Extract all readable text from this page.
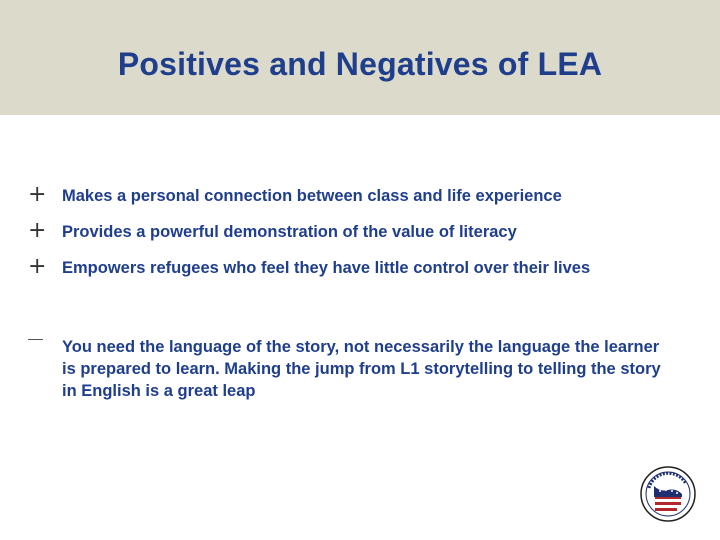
Positives and Negatives of LEA
+ Makes a personal connection between class and life experience
+ Provides a powerful demonstration of the value of literacy
+ Empowers refugees who feel they have little control over their lives
You need the language of the story, not necessarily the language the learner is prepared to learn. Making the jump from L1 storytelling to telling the story in English is a great leap
